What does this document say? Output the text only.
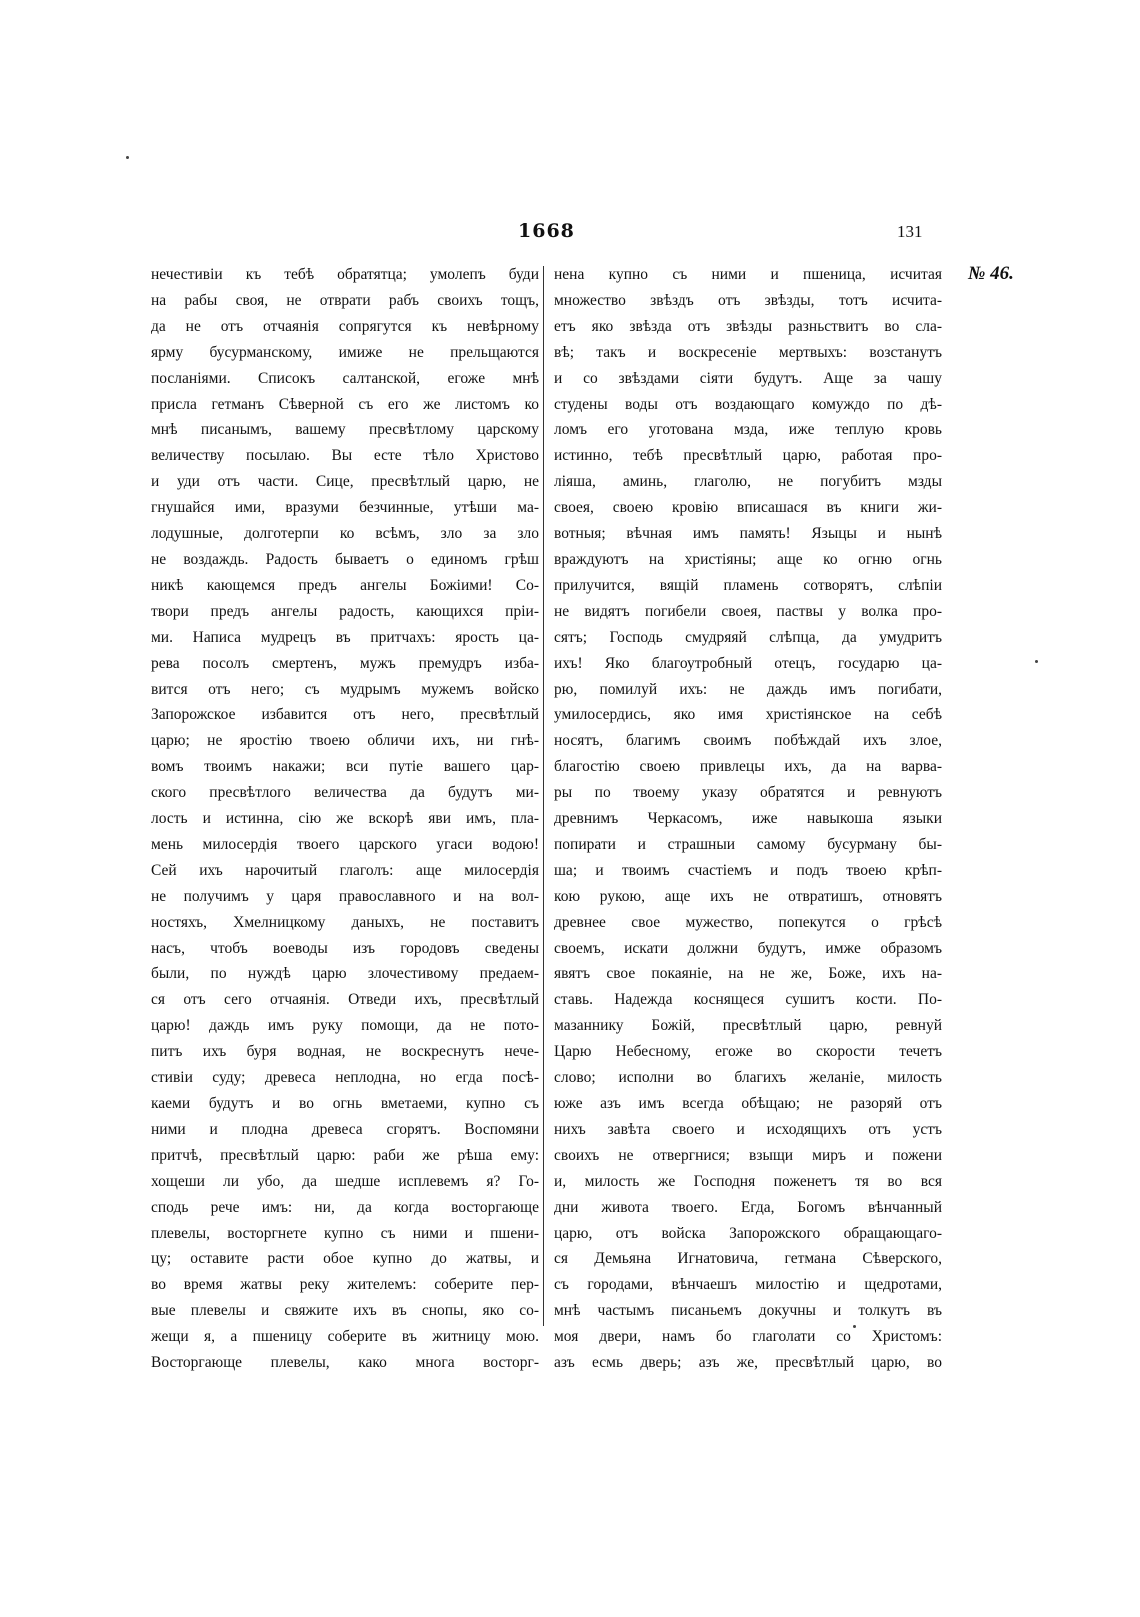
1668	131
№ 46.
нечестивіи къ тебѣ обратятца; умолепъ буди
на рабы своя, не отврати рабъ своихъ тощъ,
да не отъ отчаянія сопрягутся къ невѣрному
ярму бусурманскому, имиже не прельщаются
посланіями. Списокъ салтанской, егоже мнѣ
присла гетманъ Сѣверной съ его же листомъ ко
мнѣ писанымъ, вашему пресвѣтлому царскому
величеству посылаю. Вы есте тѣло Христово
и уди отъ части. Сице, пресвѣтлый царю, не
гнушайся ими, вразуми безчинные, утѣши ма-
лодушные, долготерпи ко всѣмъ, зло за зло
не воздаждь. Радость бываетъ о единомъ грѣш
никѣ кающемся предъ ангелы Божіими! Со-
твори предъ ангелы радость, кающихся пріи-
ми. Написа мудрецъ въ притчахъ: ярость ца-
рева посолъ смертенъ, мужъ премудръ изба-
вится отъ него; съ мудрымъ мужемъ войско
Запорожское избавится отъ него, пресвѣтлый
царю; не яростію твоею обличи ихъ, ни гнѣ-
вомъ твоимъ накажи; вси путіе вашего цар-
ского пресвѣтлого величества да будутъ ми-
лость и истинна, сію же вскорѣ яви имъ, пла-
мень милосердія твоего царского угаси водою!
Сей ихъ нарочитый глаголъ: аще милосердія
не получимъ у царя православного и на вол-
ностяхъ, Хмелницкому даныхъ, не поставитъ
насъ, чтобъ воеводы изъ городовъ сведены
были, по нуждѣ царю злочестивому предаем-
ся отъ сего отчаянія. Отведи ихъ, пресвѣтлый
царю! даждь имъ руку помощи, да не пото-
питъ ихъ буря водная, не воскреснутъ нече-
стивіи суду; древеса неплодна, но егда посѣ-
каеми будутъ и во огнь вметаеми, купно съ
ними и плодна древеса сгорятъ. Воспомяни
притчѣ, пресвѣтлый царю: раби же рѣша ему:
хощеши ли убо, да шедше исплевемъ я? Го-
сподь рече имъ: ни, да когда восторгающе
плевелы, восторгнете купно съ ними и пшени-
цу; оставите расти обое купно до жатвы, и
во время жатвы реку жителемъ: соберите пер-
вые плевелы и свяжите ихъ въ снопы, яко со-
жещи я, а пшеницу соберите въ житницу мою.
Восторгающе плевелы, како многа восторг-
нена купно съ ними и пшеница, исчитая
множество звѣздъ отъ звѣзды, тотъ исчита-
етъ яко звѣзда отъ звѣзды разньствитъ во сла-
вѣ; такъ и воскресеніе мертвыхъ: возстанутъ
и со звѣздами сіяти будутъ. Аще за чашу
студены воды отъ воздающаго комуждо по дѣ-
ломъ его уготована мзда, иже теплую кровь
истинно, тебѣ пресвѣтлый царю, работая про-
ліяша, аминь, глаголю, не погубитъ мзды
своея, своею кровію вписашася въ книги жи-
вотныя; вѣчная имъ память! Языцы и нынѣ
враждуютъ на христіяны; аще ко огню огнь
прилучится, вящій пламень сотворятъ, слѣпіи
не видятъ погибели своея, паствы у волка про-
сятъ; Господь смудряяй слѣпца, да умудритъ
ихъ! Яко благоутробный отецъ, государю ца-
рю, помилуй ихъ: не даждь имъ погибати,
умилосердись, яко имя христіянское на себѣ
носятъ, благимъ своимъ побѣждай ихъ злое,
благостію своею привлецы ихъ, да на варва-
ры по твоему указу обратятся и ревнуютъ
древнимъ Черкасомъ, иже навыкоша языки
попирати и страшныи самому бусурману бы-
ша; и твоимъ счастіемъ и подъ твоею крѣп-
кою рукою, аще ихъ не отвратишъ, отновятъ
древнее свое мужество, попекутся о грѣсѣ
своемъ, искати должни будутъ, имже образомъ
явятъ свое покаяніе, на не же, Боже, ихъ на-
ставь. Надежда коснящеся сушитъ кости. По-
мазаннику Божій, пресвѣтлый царю, ревнуй
Царю Небесному, егоже во скорости течетъ
слово; исполни во благихъ желаніе, милость
юже азъ имъ всегда обѣщаю; не разоряй отъ
нихъ завѣта своего и исходящихъ отъ устъ
своихъ не отвергнися; взыщи миръ и пожени
и, милость же Господня поженетъ тя во вся
дни живота твоего. Егда, Богомъ вѣнчанный
царю, отъ войска Запорожского обращающаго-
ся Демьяна Игнатовича, гетмана Сѣверского,
съ городами, вѣнчаешъ милостію и щедротами,
мнѣ частымъ писаньемъ докучны и толкутъ въ
моя двери, намъ бо глаголати со Христомъ:
азъ есмь дверь; азъ же, пресвѣтлый царю, во
